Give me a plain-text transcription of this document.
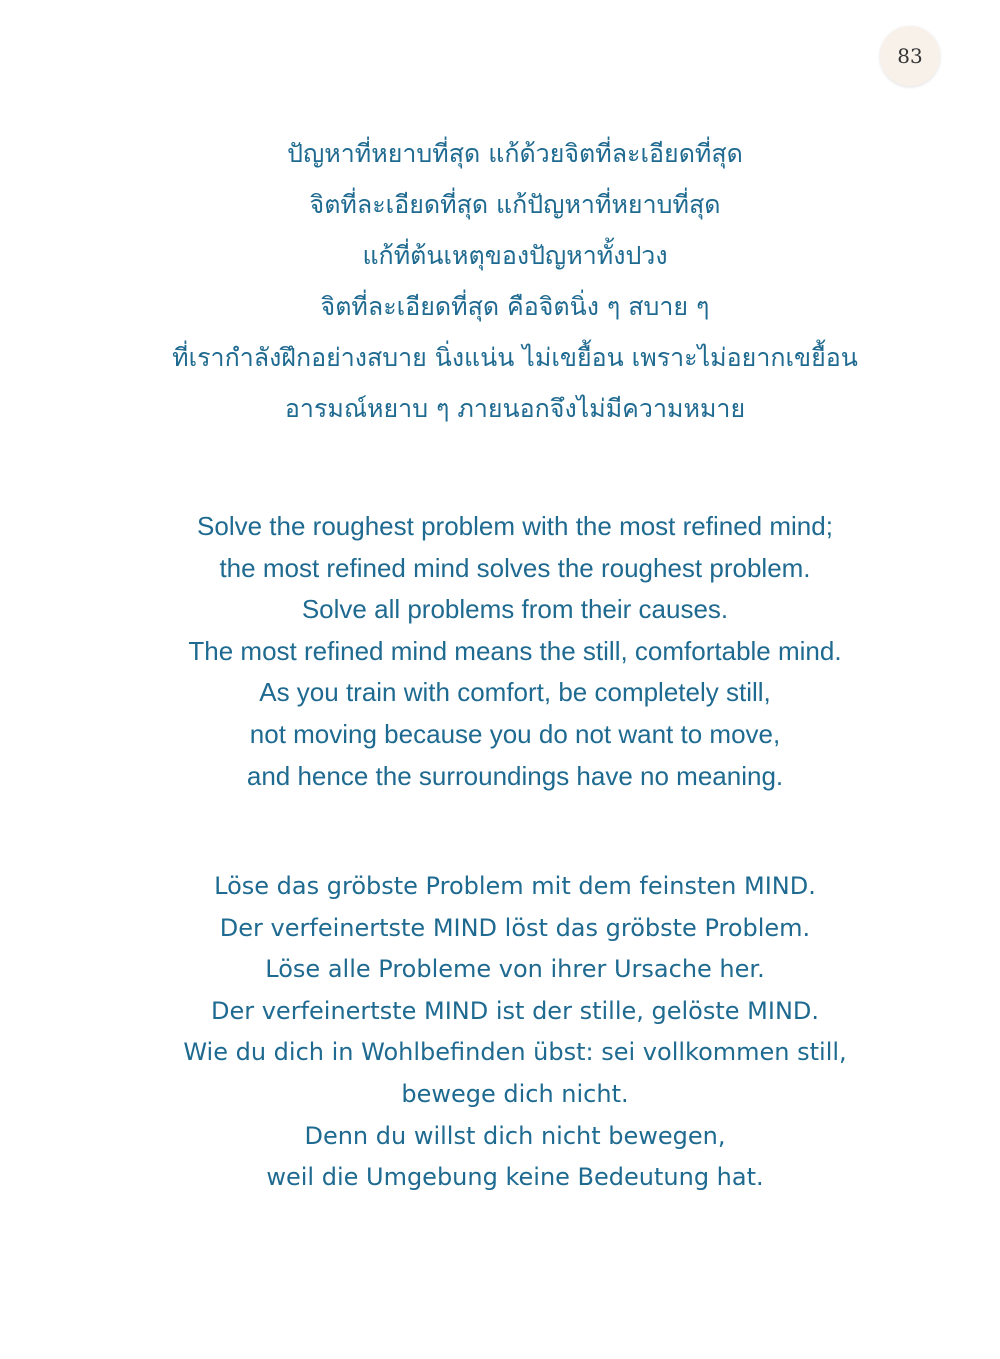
83
ปัญหาที่หยาบที่สุด แก้ด้วยจิตที่ละเอียดที่สุด
จิตที่ละเอียดที่สุด แก้ปัญหาที่หยาบที่สุด
แก้ที่ต้นเหตุของปัญหาทั้งปวง
จิตที่ละเอียดที่สุด คือจิตนิ่ง ๆ สบาย ๆ
ที่เรากำลังฝึกอย่างสบาย นิ่งแน่น ไม่เขยื้อน เพราะไม่อยากเขยื้อน
อารมณ์หยาบ ๆ ภายนอกจึงไม่มีความหมาย
Solve the roughest problem with the most refined mind;
the most refined mind solves the roughest problem.
Solve all problems from their causes.
The most refined mind means the still, comfortable mind.
As you train with comfort, be completely still,
not moving because you do not want to move,
and hence the surroundings have no meaning.
Löse das gröbste Problem mit dem feinsten MIND.
Der verfeinertste MIND löst das gröbste Problem.
Löse alle Probleme von ihrer Ursache her.
Der verfeinertste MIND ist der stille, gelöste MIND.
Wie du dich in Wohlbefinden übst: sei vollkommen still,
bewege dich nicht.
Denn du willst dich nicht bewegen,
weil die Umgebung keine Bedeutung hat.
